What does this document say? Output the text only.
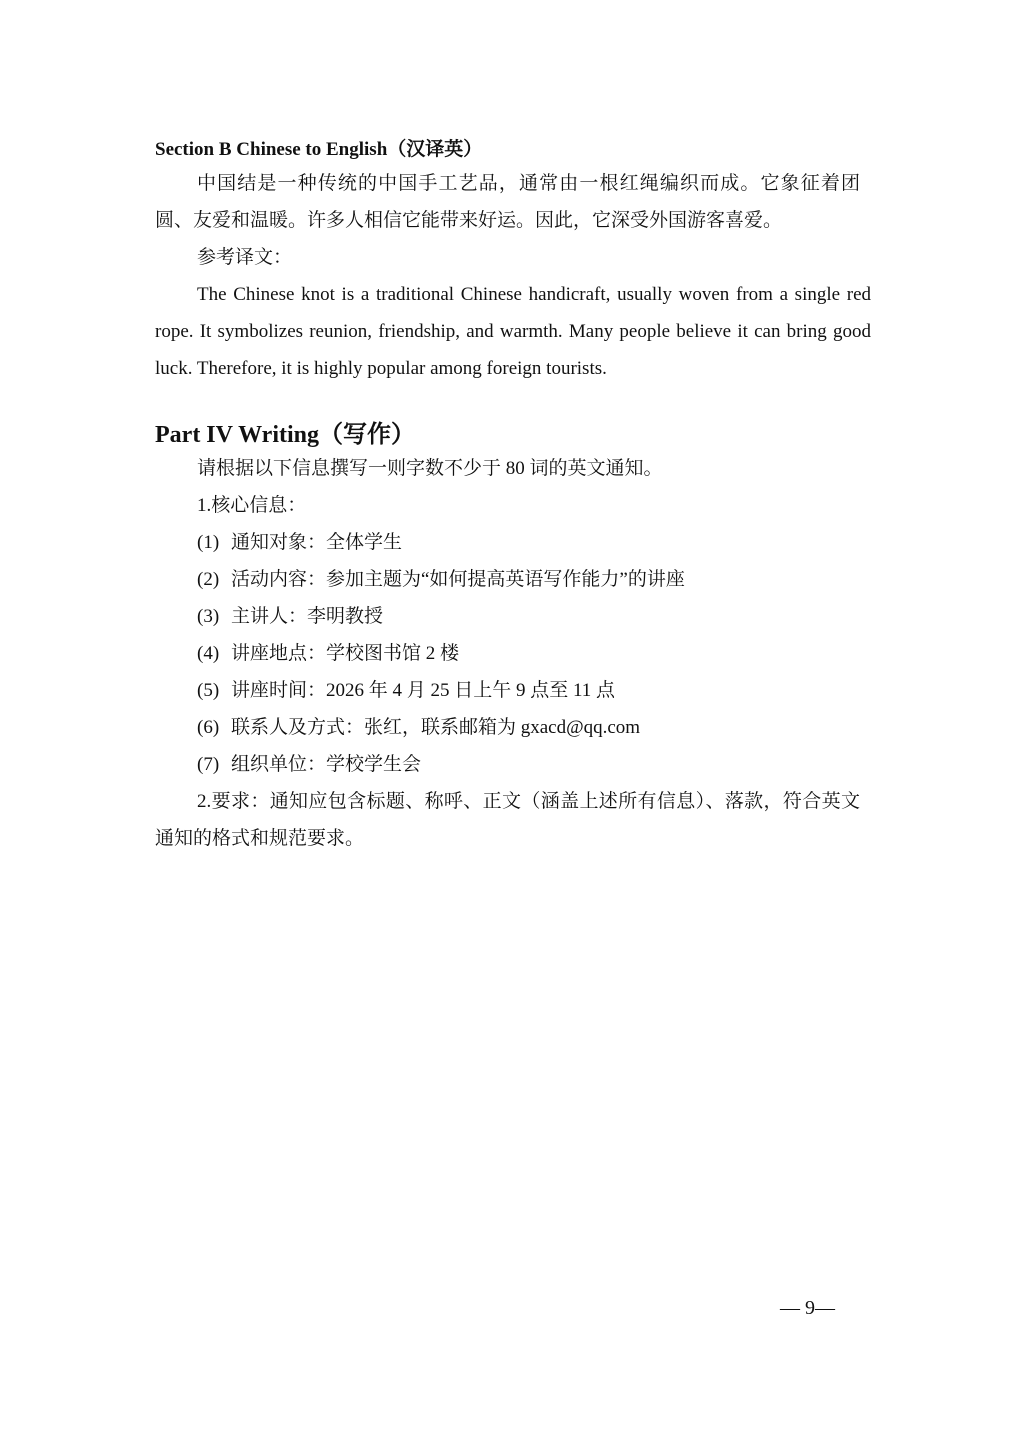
Section B Chinese to English（汉译英）
中国结是一种传统的中国手工艺品，通常由一根红绳编织而成。它象征着团圆、友爱和温暖。许多人相信它能带来好运。因此，它深受外国游客喜爱。
参考译文：
The Chinese knot is a traditional Chinese handicraft, usually woven from a single red rope. It symbolizes reunion, friendship, and warmth. Many people believe it can bring good luck. Therefore, it is highly popular among foreign tourists.
Part IV Writing（写作）
请根据以下信息撰写一则字数不少于 80 词的英文通知。
1.核心信息：
(1) 通知对象：全体学生
(2) 活动内容：参加主题为“如何提高英语写作能力”的讲座
(3) 主讲人：李明教授
(4) 讲座地点：学校图书馆 2 楼
(5) 讲座时间：2026 年 4 月 25 日上午 9 点至 11 点
(6) 联系人及方式：张红，联系邮箱为 gxacd@qq.com
(7) 组织单位：学校学生会
2.要求：通知应包含标题、称呼、正文（涵盖上述所有信息）、落款，符合英文通知的格式和规范要求。
— 9—
